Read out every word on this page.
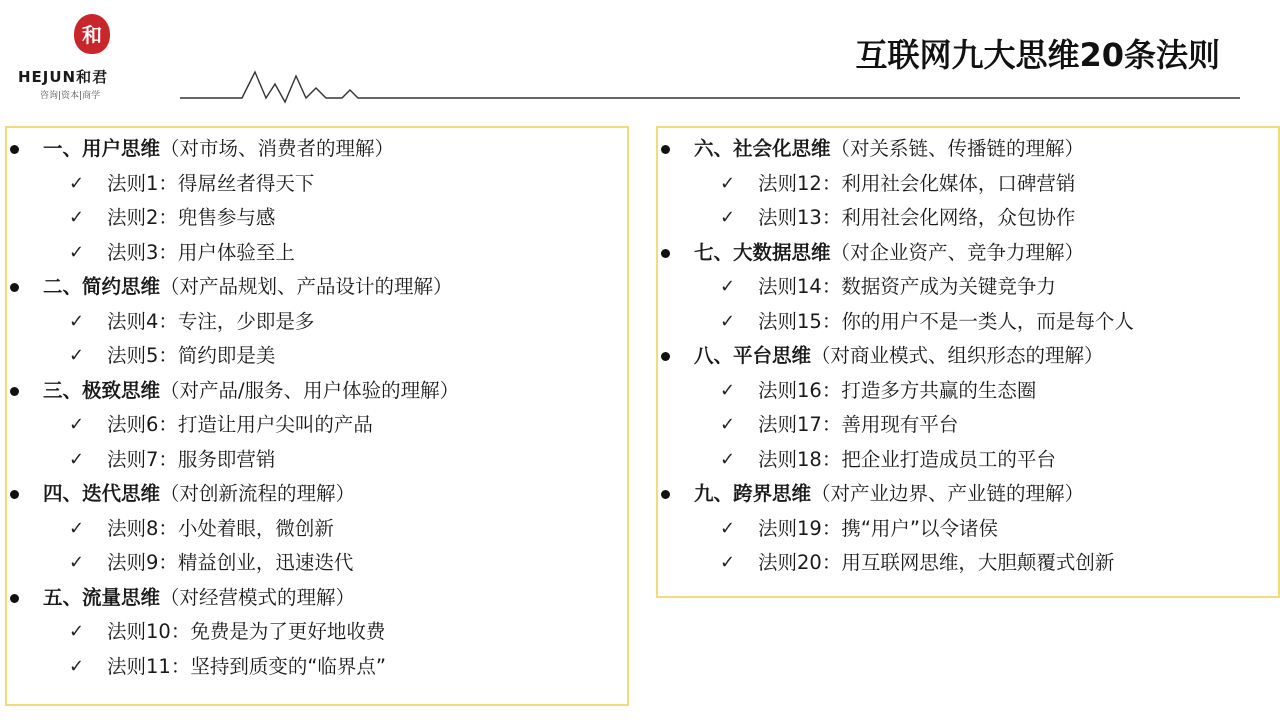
和
HEJUN和君
咨询|资本|商学
互联网九大思维20条法则
一、用户思维（对市场、消费者的理解）
✓	法则1：得屌丝者得天下
✓	法则2：兜售参与感
✓	法则3：用户体验至上
二、简约思维（对产品规划、产品设计的理解）
✓	法则4：专注，少即是多
✓	法则5：简约即是美
三、极致思维（对产品/服务、用户体验的理解）
✓	法则6：打造让用户尖叫的产品
✓	法则7：服务即营销
四、迭代思维（对创新流程的理解）
✓	法则8：小处着眼，微创新
✓	法则9：精益创业，迅速迭代
五、流量思维（对经营模式的理解）
✓	法则10：免费是为了更好地收费
✓	法则11：坚持到质变的“临界点”
六、社会化思维（对关系链、传播链的理解）
✓	法则12：利用社会化媒体，口碑营销
✓	法则13：利用社会化网络，众包协作
七、大数据思维（对企业资产、竞争力理解）
✓	法则14：数据资产成为关键竞争力
✓	法则15：你的用户不是一类人，而是每个人
八、平台思维（对商业模式、组织形态的理解）
✓	法则16：打造多方共赢的生态圈
✓	法则17：善用现有平台
✓	法则18：把企业打造成员工的平台
九、跨界思维（对产业边界、产业链的理解）
✓	法则19：携“用户”以令诸侯
✓	法则20：用互联网思维，大胆颠覆式创新
